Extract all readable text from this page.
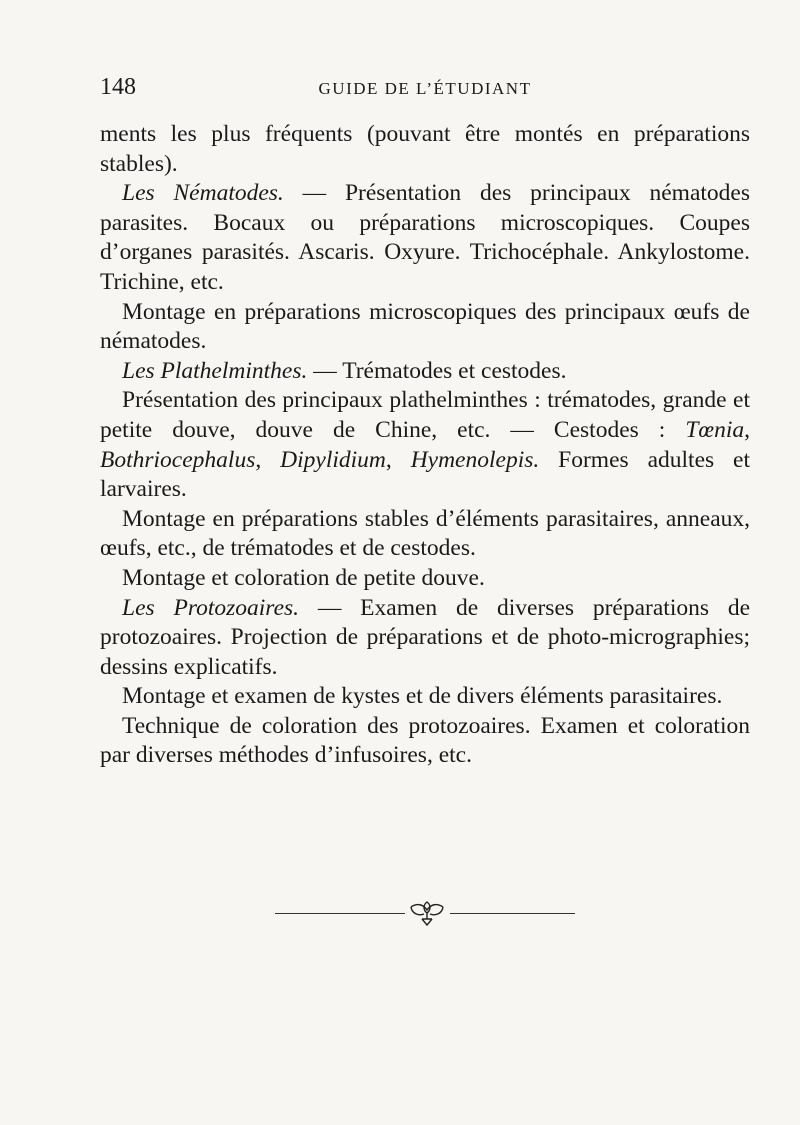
148	GUIDE DE L’ÉTUDIANT

ments les plus fréquents (pouvant être montés en préparations stables).

Les Nématodes. — Présentation des principaux nématodes parasites. Bocaux ou préparations microscopiques. Coupes d’organes parasités. Ascaris. Oxyure. Trichocéphale. Ankylostome. Trichine, etc.

Montage en préparations microscopiques des principaux œufs de nématodes.

Les Plathelminthes. — Trématodes et cestodes.

Présentation des principaux plathelminthes : trématodes, grande et petite douve, douve de Chine, etc. — Cestodes : Tœnia, Bothriocephalus, Dipylidium, Hymenolepis. Formes adultes et larvaires.

Montage en préparations stables d’éléments parasitaires, anneaux, œufs, etc., de trématodes et de cestodes.

Montage et coloration de petite douve.

Les Protozoaires. — Examen de diverses préparations de protozoaires. Projection de préparations et de photo-micrographies; dessins explicatifs.

Montage et examen de kystes et de divers éléments parasitaires.

Technique de coloration des protozoaires. Examen et coloration par diverses méthodes d’infusoires, etc.
